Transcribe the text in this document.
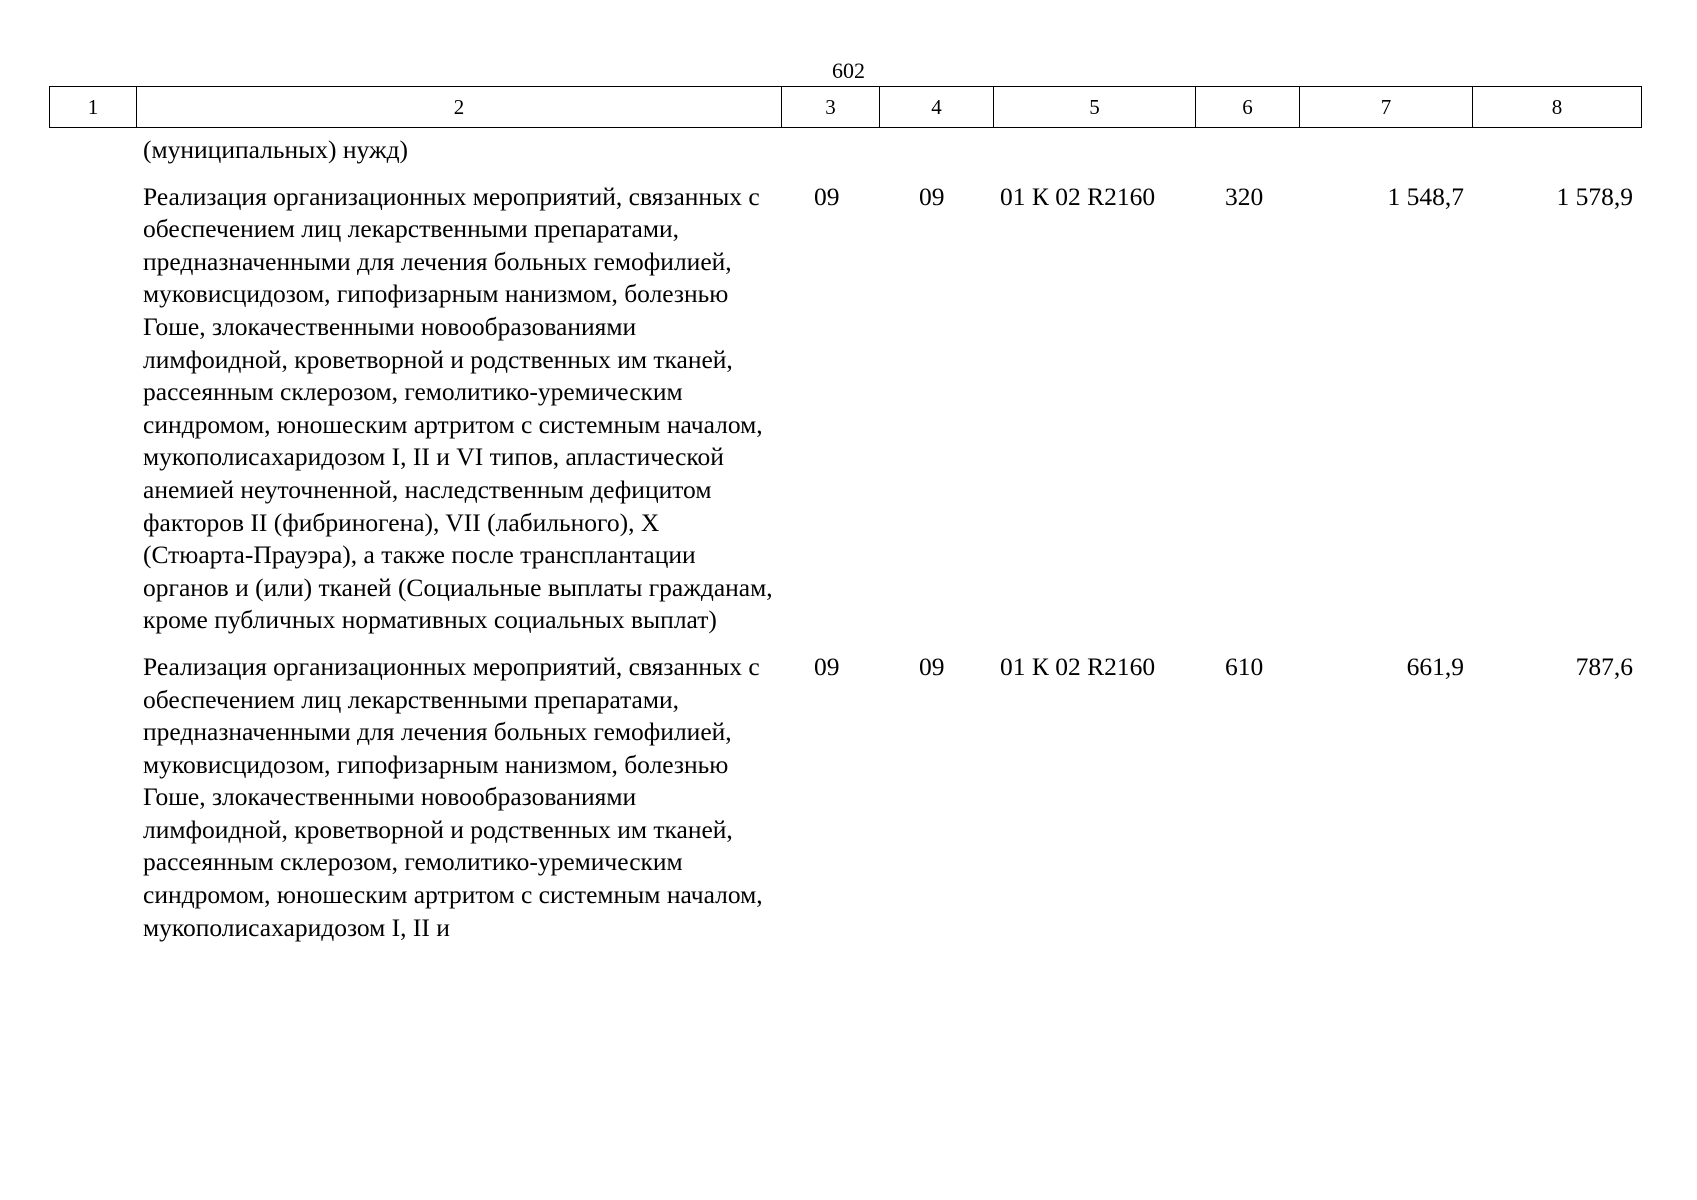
602
1	2	3	4	5	6	7	8
(муниципальных) нужд)						
Реализация организационных мероприятий, связанных с обеспечением лиц лекарственными препаратами, предназначенными для лечения больных гемофилией, муковисцидозом, гипофизарным нанизмом, болезнью Гоше, злокачественными новообразованиями лимфоидной, кроветворной и родственных им тканей, рассеянным склерозом, гемолитико-уремическим синдромом, юношеским артритом с системным началом, мукополисахаридозом I, II и VI типов, апластической анемией неуточненной, наследственным дефицитом факторов II (фибриногена), VII (лабильного), X (Стюарта-Прауэра), а также после трансплантации органов и (или) тканей (Социальные выплаты гражданам, кроме публичных нормативных социальных выплат)	09	09	01 К 02 R2160	320	1 548,7	1 578,9

Реализация организационных мероприятий, связанных с обеспечением лиц лекарственными препаратами, предназначенными для лечения больных гемофилией, муковисцидозом, гипофизарным нанизмом, болезнью Гоше, злокачественными новообразованиями лимфоидной, кроветворной и родственных им тканей, рассеянным склерозом, гемолитико-уремическим синдромом, юношеским артритом с системным началом, мукополисахаридозом I, II и	09	09	01 К 02 R2160	610	661,9	787,6
